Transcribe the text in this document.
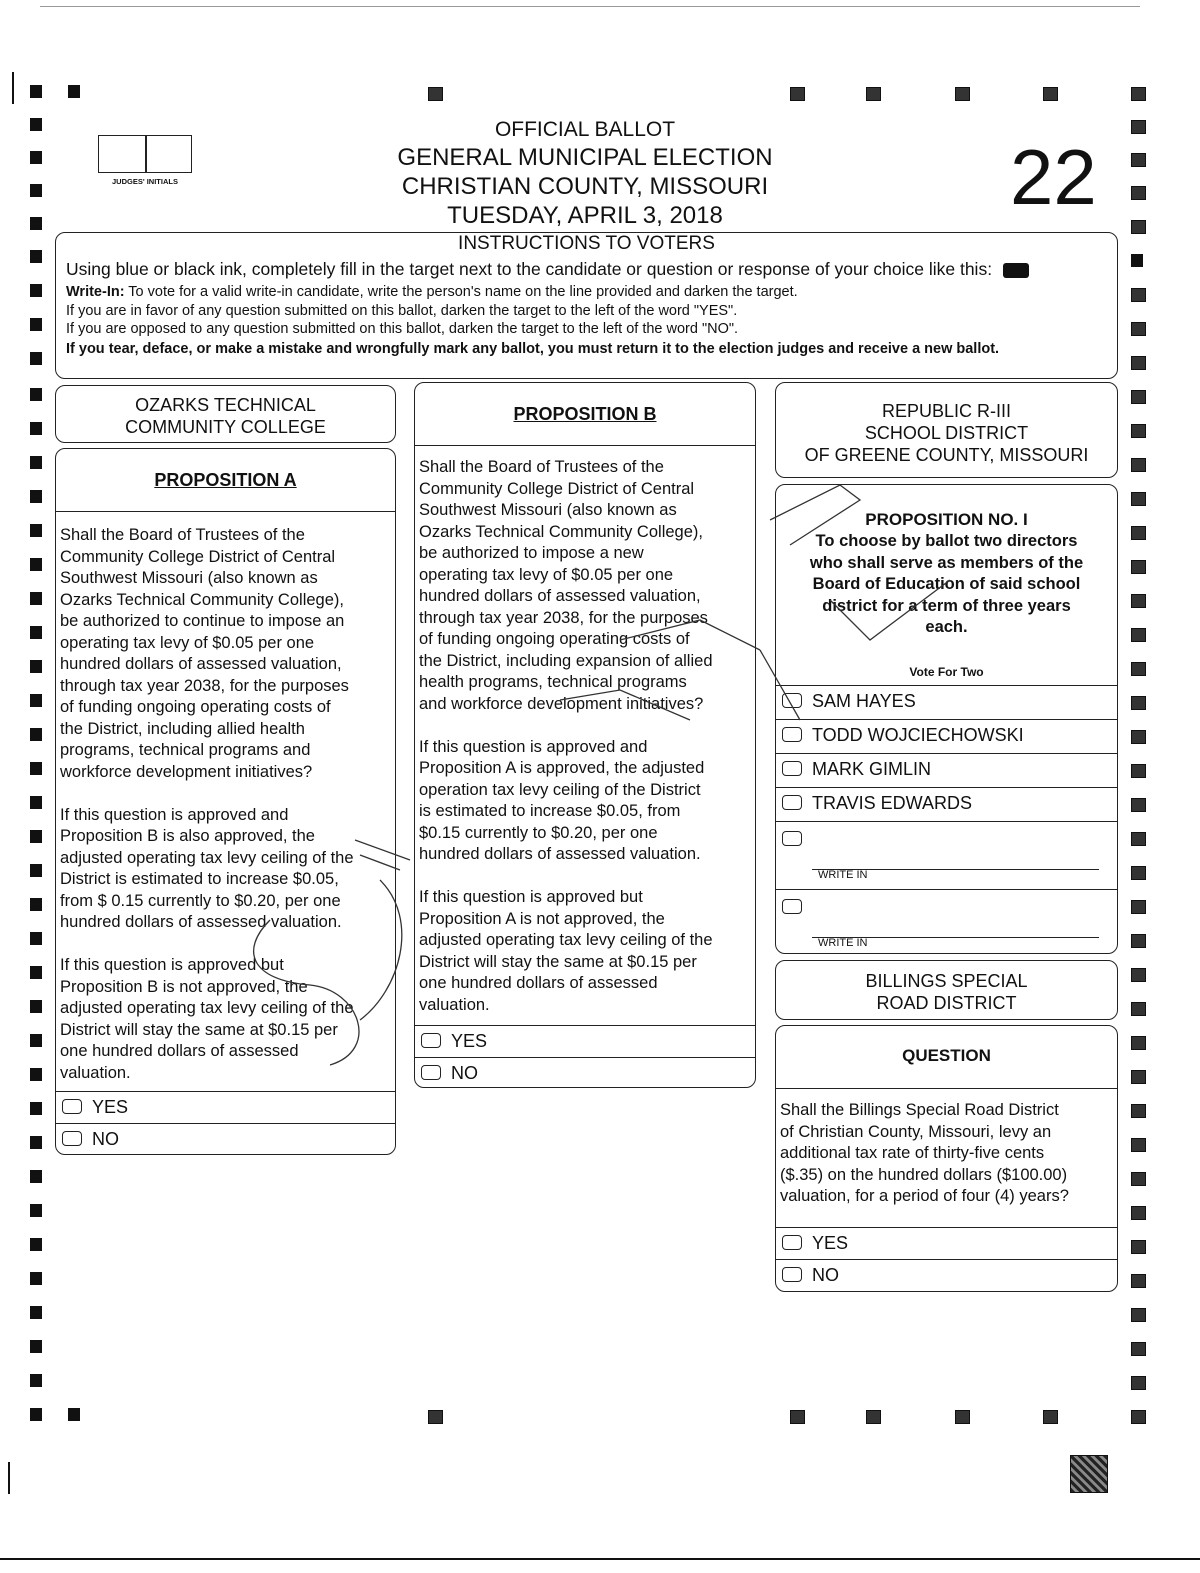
JUDGES' INITIALS
OFFICIAL BALLOT
GENERAL MUNICIPAL ELECTION
CHRISTIAN COUNTY, MISSOURI
TUESDAY, APRIL 3, 2018	22
INSTRUCTIONS TO VOTERS
Using blue or black ink, completely fill in the target next to the candidate or question or response of your choice like this:
Write-In: To vote for a valid write-in candidate, write the person's name on the line provided and darken the target.
If you are in favor of any question submitted on this ballot, darken the target to the left of the word "YES".
If you are opposed to any question submitted on this ballot, darken the target to the left of the word "NO".
If you tear, deface, or make a mistake and wrongfully mark any ballot, you must return it to the election judges and receive a new ballot.
OZARKS TECHNICAL
COMMUNITY COLLEGE
PROPOSITION A
Shall the Board of Trustees of the
Community College District of Central
Southwest Missouri (also known as
Ozarks Technical Community College),
be authorized to continue to impose an
operating tax levy of $0.05 per one
hundred dollars of assessed valuation,
through tax year 2038, for the purposes
of funding ongoing operating costs of
the District, including allied health
programs, technical programs and
workforce development initiatives?

If this question is approved and
Proposition B is also approved, the
adjusted operating tax levy ceiling of the
District is estimated to increase $0.05,
from $ 0.15 currently to $0.20, per one
hundred dollars of assessed valuation.

If this question is approved but
Proposition B is not approved, the
adjusted operating tax levy ceiling of the
District will stay the same at $0.15 per
one hundred dollars of assessed
valuation.
YES
NO
PROPOSITION B
Shall the Board of Trustees of the
Community College District of Central
Southwest Missouri (also known as
Ozarks Technical Community College),
be authorized to impose a new
operating tax levy of $0.05 per one
hundred dollars of assessed valuation,
through tax year 2038, for the purposes
of funding ongoing operating costs of
the District, including expansion of allied
health programs, technical programs
and workforce development initiatives?

If this question is approved and
Proposition A is approved, the adjusted
operation tax levy ceiling of the District
is estimated to increase $0.05, from
$0.15 currently to $0.20, per one
hundred dollars of assessed valuation.

If this question is approved but
Proposition A is not approved, the
adjusted operating tax levy ceiling of the
District will stay the same at $0.15 per
one hundred dollars of assessed
valuation.
YES
NO
REPUBLIC R-III
SCHOOL DISTRICT
OF GREENE COUNTY, MISSOURI
PROPOSITION NO. I
To choose by ballot two directors
who shall serve as members of the
Board of Education of said school
district for a term of three years
each.
Vote For Two
SAM HAYES
TODD WOJCIECHOWSKI
MARK GIMLIN
TRAVIS EDWARDS
WRITE IN
WRITE IN
BILLINGS SPECIAL
ROAD DISTRICT
QUESTION
Shall the Billings Special Road District
of Christian County, Missouri, levy an
additional tax rate of thirty-five cents
($.35) on the hundred dollars ($100.00)
valuation, for a period of four (4) years?
YES
NO
